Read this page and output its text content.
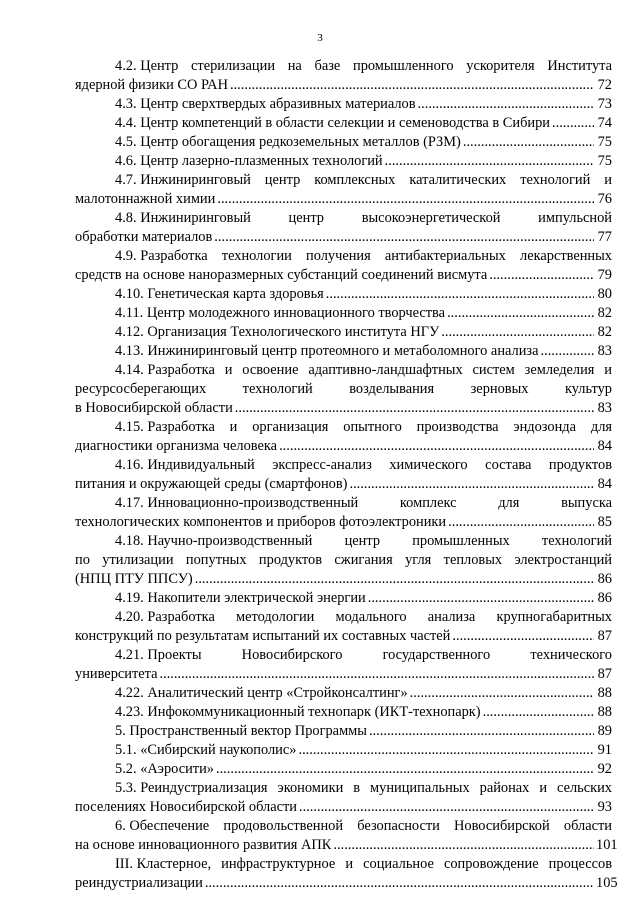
3
4.2. Центр стерилизации на базе промышленного ускорителя Института
ядерной физики СО РАН .....	72
4.3. Центр сверхтвердых абразивных материалов .....	73
4.4. Центр компетенций в области селекции и семеноводства в Сибири .....	74
4.5. Центр обогащения редкоземельных металлов (РЗМ) .....	75
4.6. Центр лазерно-плазменных технологий .....	75
4.7. Инжиниринговый центр комплексных каталитических технологий и
малотоннажной химии .....	76
4.8. Инжиниринговый центр высокоэнергетической импульсной
обработки материалов .....	77
4.9. Разработка технологии получения антибактериальных лекарственных
средств на основе наноразмерных субстанций соединений висмута .....	79
4.10. Генетическая карта здоровья .....	80
4.11. Центр молодежного инновационного творчества .....	82
4.12. Организация Технологического института НГУ .....	82
4.13. Инжиниринговый центр протеомного и метаболомного анализа .....	83
4.14. Разработка и освоение адаптивно-ландшафтных систем земледелия и
ресурсосберегающих технологий возделывания зерновых культур
в Новосибирской области .....	83
4.15. Разработка и организация опытного производства эндозонда для
диагностики организма человека .....	84
4.16. Индивидуальный экспресс-анализ химического состава продуктов
питания и окружающей среды (смартфонов) .....	84
4.17. Инновационно-производственный комплекс для выпуска
технологических компонентов и приборов фотоэлектроники .....	85
4.18. Научно-производственный центр промышленных технологий
по утилизации попутных продуктов сжигания угля тепловых электростанций
(НПЦ ПТУ ППСУ) .....	86
4.19. Накопители электрической энергии .....	86
4.20. Разработка методологии модального анализа крупногабаритных
конструкций по результатам испытаний их составных частей .....	87
4.21. Проекты Новосибирского государственного технического
университета .....	87
4.22. Аналитический центр «Стройконсалтинг» .....	88
4.23. Инфокоммуникационный технопарк (ИКТ-технопарк) .....	88
5. Пространственный вектор Программы .....	89
5.1. «Сибирский наукополис» .....	91
5.2. «Аэросити» .....	92
5.3. Реиндустриализация экономики в муниципальных районах и сельских
поселениях Новосибирской области .....	93
6. Обеспечение продовольственной безопасности Новосибирской области
на основе инновационного развития АПК .....	101
III. Кластерное, инфраструктурное и социальное сопровождение процессов
реиндустриализации .....	105
